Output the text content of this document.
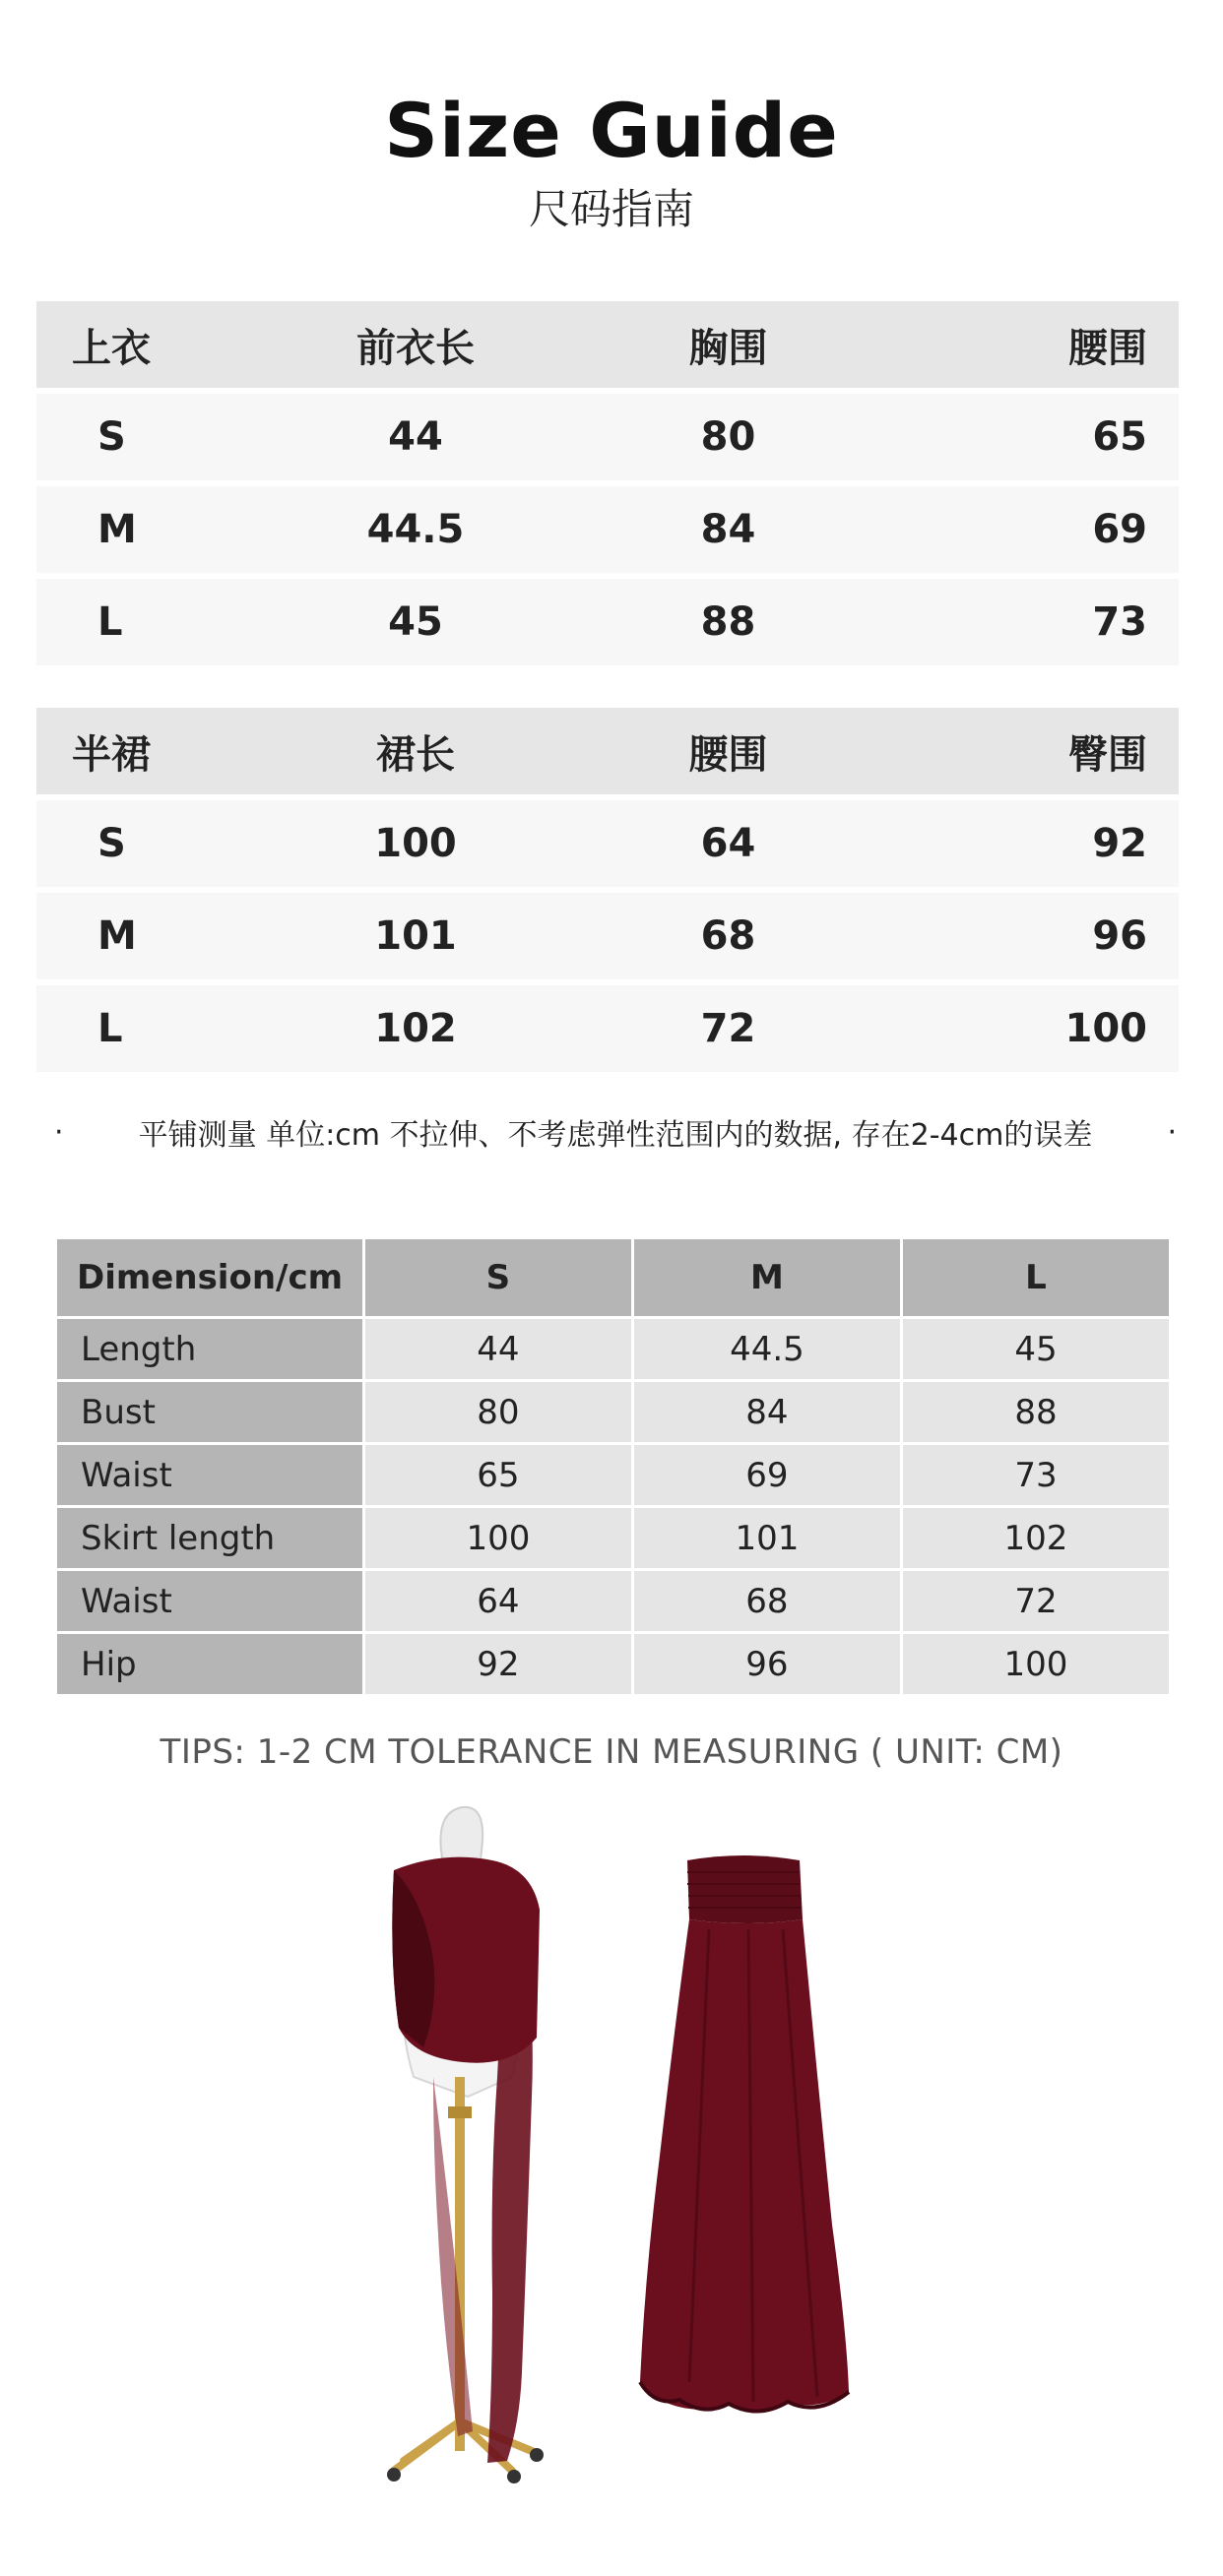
Size Guide
尺码指南
上衣	前衣长	胸围	腰围
S	44	80	65
M	44.5	84	69
L	45	88	73
半裙	裙长	腰围	臀围
S	100	64	92
M	101	68	96
L	102	72	100
·	平铺测量 单位:cm 不拉伸、不考虑弹性范围内的数据, 存在2-4cm的误差	·
Dimension/cm	S	M	L
Length	44	44.5	45
Bust	80	84	88
Waist	65	69	73
Skirt length	100	101	102
Waist	64	68	72
Hip	92	96	100
TIPS: 1-2 CM TOLERANCE IN MEASURING ( UNIT: CM)
